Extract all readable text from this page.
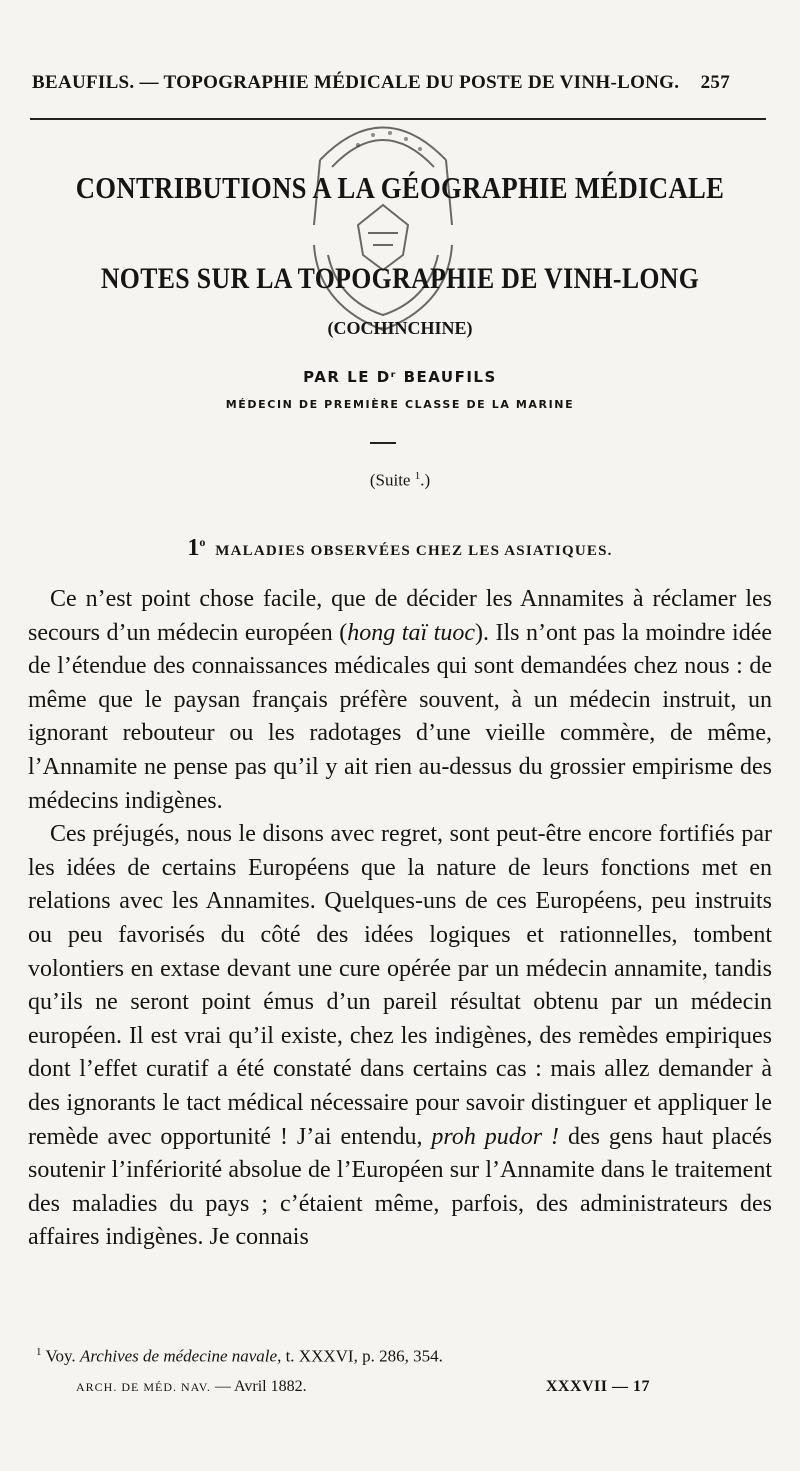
BEAUFILS. — TOPOGRAPHIE MÉDICALE DU POSTE DE VINH-LONG. 257
CONTRIBUTIONS A LA GÉOGRAPHIE MÉDICALE
NOTES SUR LA TOPOGRAPHIE DE VINH-LONG
(COCHINCHINE)
PAR LE Dʳ BEAUFILS
MÉDECIN DE PREMIÈRE CLASSE DE LA MARINE
(Suite $^1$.)
1$^o$  MALADIES OBSERVÉES CHEZ LES ASIATIQUES.

Ce n’est point chose facile, que de décider les Annamites à réclamer les secours d’un médecin européen (hong taï tuoc). Ils n’ont pas la moindre idée de l’étendue des connaissances médicales qui sont demandées chez nous : de même que le paysan français préfère souvent, à un médecin instruit, un ignorant rebouteur ou les radotages d’une vieille commère, de même, l’Annamite ne pense pas qu’il y ait rien au-dessus du grossier empirisme des médecins indigènes.

Ces préjugés, nous le disons avec regret, sont peut-être encore fortifiés par les idées de certains Européens que la nature de leurs fonctions met en relations avec les Annamites. Quelques-uns de ces Européens, peu instruits ou peu favorisés du côté des idées logiques et rationnelles, tombent volontiers en extase devant une cure opérée par un médecin annamite, tandis qu’ils ne seront point émus d’un pareil résultat obtenu par un médecin européen. Il est vrai qu’il existe, chez les indigènes, des remèdes empiriques dont l’effet curatif a été constaté dans certains cas : mais allez demander à des ignorants le tact médical nécessaire pour savoir distinguer et appliquer le remède avec opportunité ! J’ai entendu, proh pudor ! des gens haut placés soutenir l’infériorité absolue de l’Européen sur l’Annamite dans le traitement des maladies du pays ; c’étaient même, parfois, des administrateurs des affaires indigènes. Je connais

$^1$ Voy. Archives de médecine navale, t. XXXVI, p. 286, 354.
ARCH. DE MÉD. NAV. — Avril 1882.	XXXVII — 17
